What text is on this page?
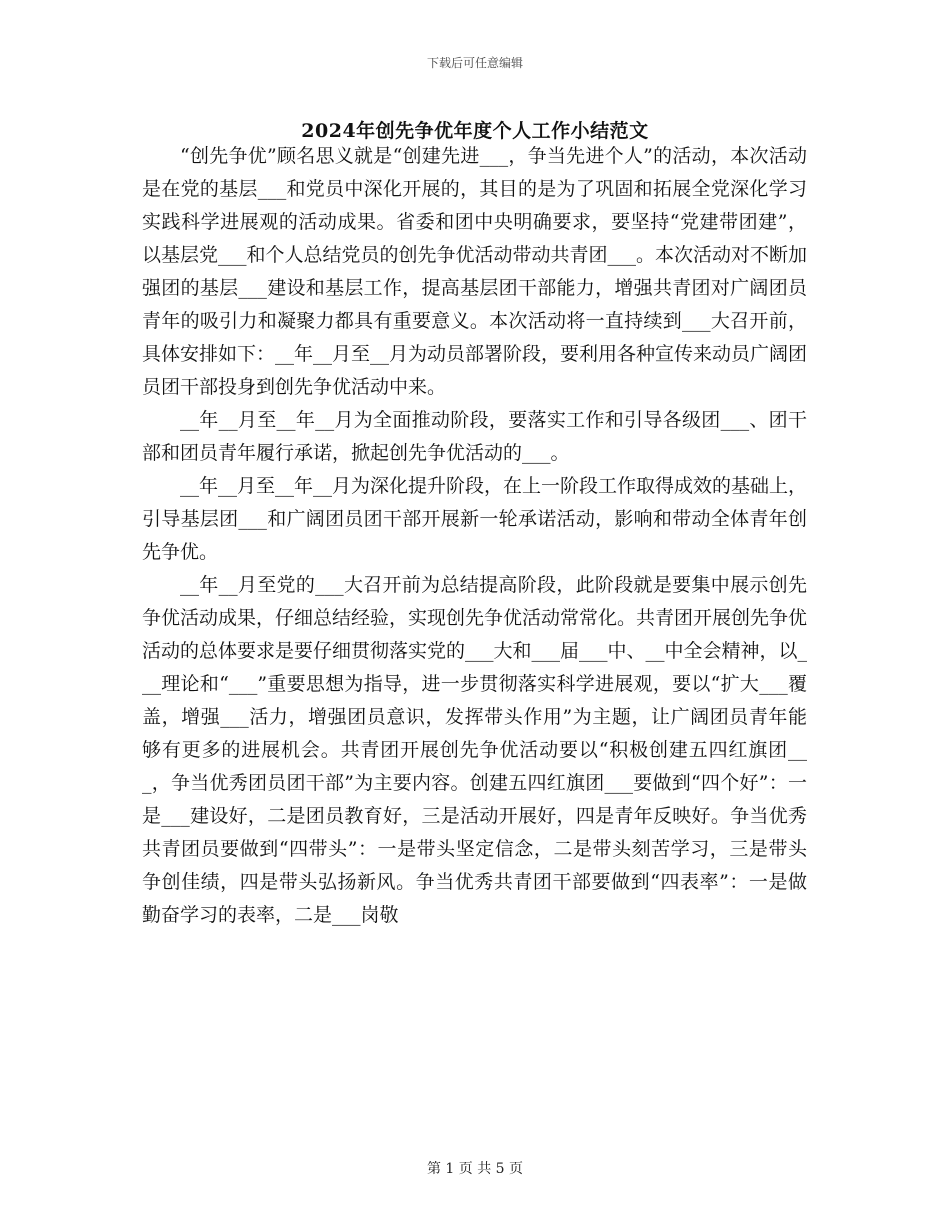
下载后可任意编辑
2024年创先争优年度个人工作小结范文

“创先争优”顾名思义就是“创建先进___，争当先进个人”的活动，本次活动是在党的基层___和党员中深化开展的，其目的是为了巩固和拓展全党深化学习实践科学进展观的活动成果。省委和团中央明确要求，要坚持“党建带团建”，以基层党___和个人总结党员的创先争优活动带动共青团___。本次活动对不断加强团的基层___建设和基层工作，提高基层团干部能力，增强共青团对广阔团员青年的吸引力和凝聚力都具有重要意义。本次活动将一直持续到___大召开前，具体安排如下：__年__月至__月为动员部署阶段，要利用各种宣传来动员广阔团员团干部投身到创先争优活动中来。

__年__月至__年__月为全面推动阶段，要落实工作和引导各级团___、团干部和团员青年履行承诺，掀起创先争优活动的___。

__年__月至__年__月为深化提升阶段，在上一阶段工作取得成效的基础上，引导基层团___和广阔团员团干部开展新一轮承诺活动，影响和带动全体青年创先争优。

__年__月至党的___大召开前为总结提高阶段，此阶段就是要集中展示创先争优活动成果，仔细总结经验，实现创先争优活动常常化。共青团开展创先争优活动的总体要求是要仔细贯彻落实党的___大和___届___中、__中全会精神，以___理论和“___”重要思想为指导，进一步贯彻落实科学进展观，要以“扩大___覆盖，增强___活力，增强团员意识，发挥带头作用”为主题，让广阔团员青年能够有更多的进展机会。共青团开展创先争优活动要以“积极创建五四红旗团___，争当优秀团员团干部”为主要内容。创建五四红旗团___要做到“四个好”：一是___建设好，二是团员教育好，三是活动开展好，四是青年反映好。争当优秀共青团员要做到“四带头”：一是带头坚定信念，二是带头刻苦学习，三是带头争创佳绩，四是带头弘扬新风。争当优秀共青团干部要做到“四表率”：一是做勤奋学习的表率，二是___岗敬

第 1 页 共 5 页
